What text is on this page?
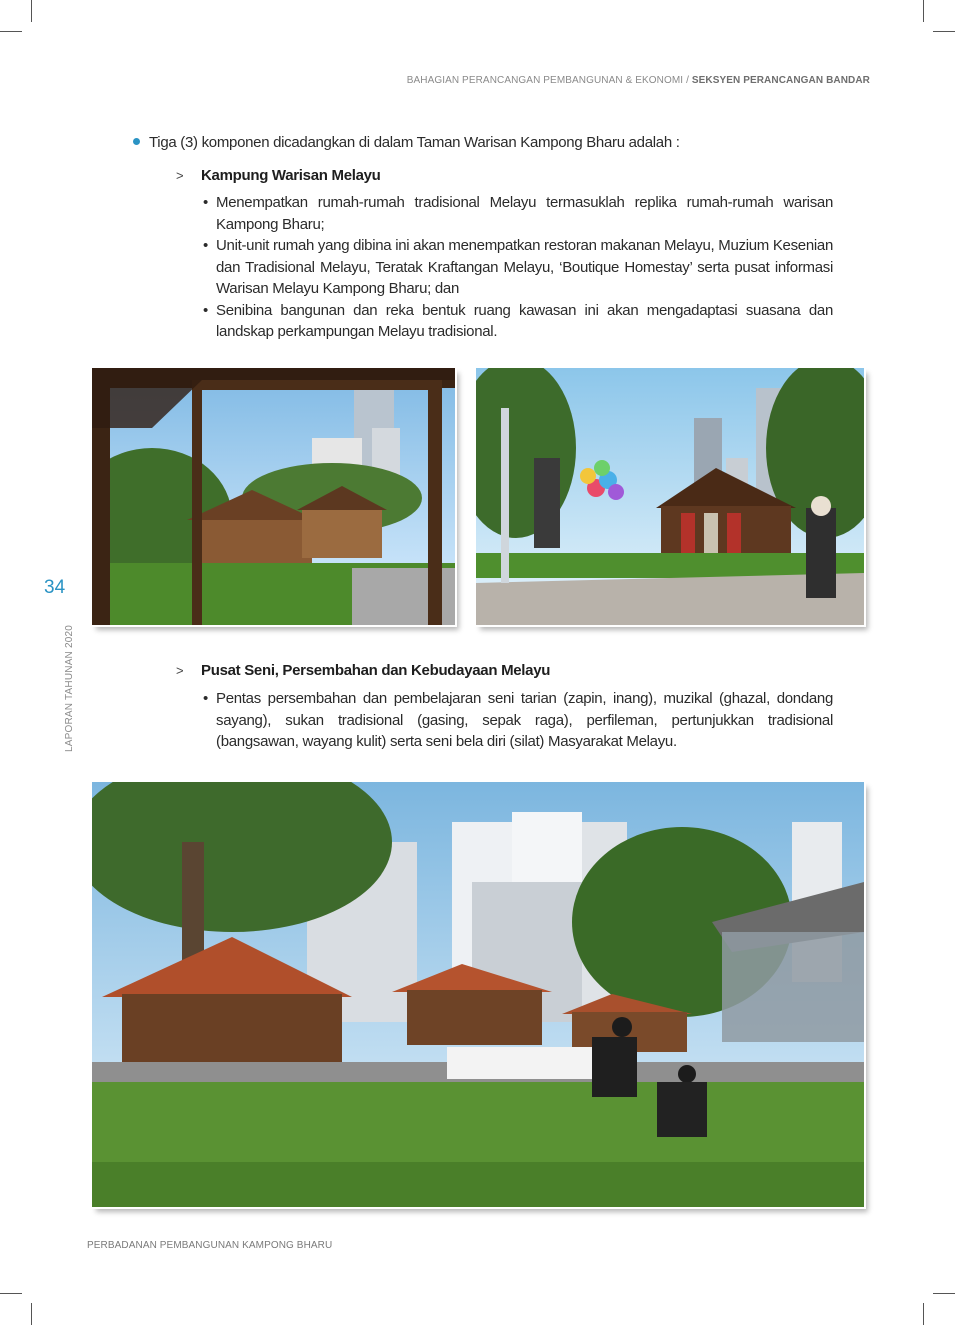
BAHAGIAN PERANCANGAN PEMBANGUNAN & EKONOMI / SEKSYEN PERANCANGAN BANDAR
34
LAPORAN TAHUNAN 2020
Tiga (3) komponen dicadangkan di dalam Taman Warisan Kampong Bharu adalah :
> Kampung Warisan Melayu
• Menempatkan rumah-rumah tradisional Melayu termasuklah replika rumah-rumah warisan Kampong Bharu;
• Unit-unit rumah yang dibina ini akan menempatkan restoran makanan Melayu, Muzium Kesenian dan Tradisional Melayu, Teratak Kraftangan Melayu, ‘Boutique Homestay’ serta pusat informasi Warisan Melayu Kampong Bharu; dan
• Senibina bangunan dan reka bentuk ruang kawasan ini akan mengadaptasi suasana dan landskap perkampungan Melayu tradisional.
> Pusat Seni, Persembahan dan Kebudayaan Melayu
• Pentas persembahan dan pembelajaran seni tarian (zapin, inang), muzikal (ghazal, dondang sayang), sukan tradisional (gasing, sepak raga), perfileman, pertunjukkan tradisional (bangsawan, wayang kulit) serta seni bela diri (silat) Masyarakat Melayu.
PERBADANAN PEMBANGUNAN KAMPONG BHARU
